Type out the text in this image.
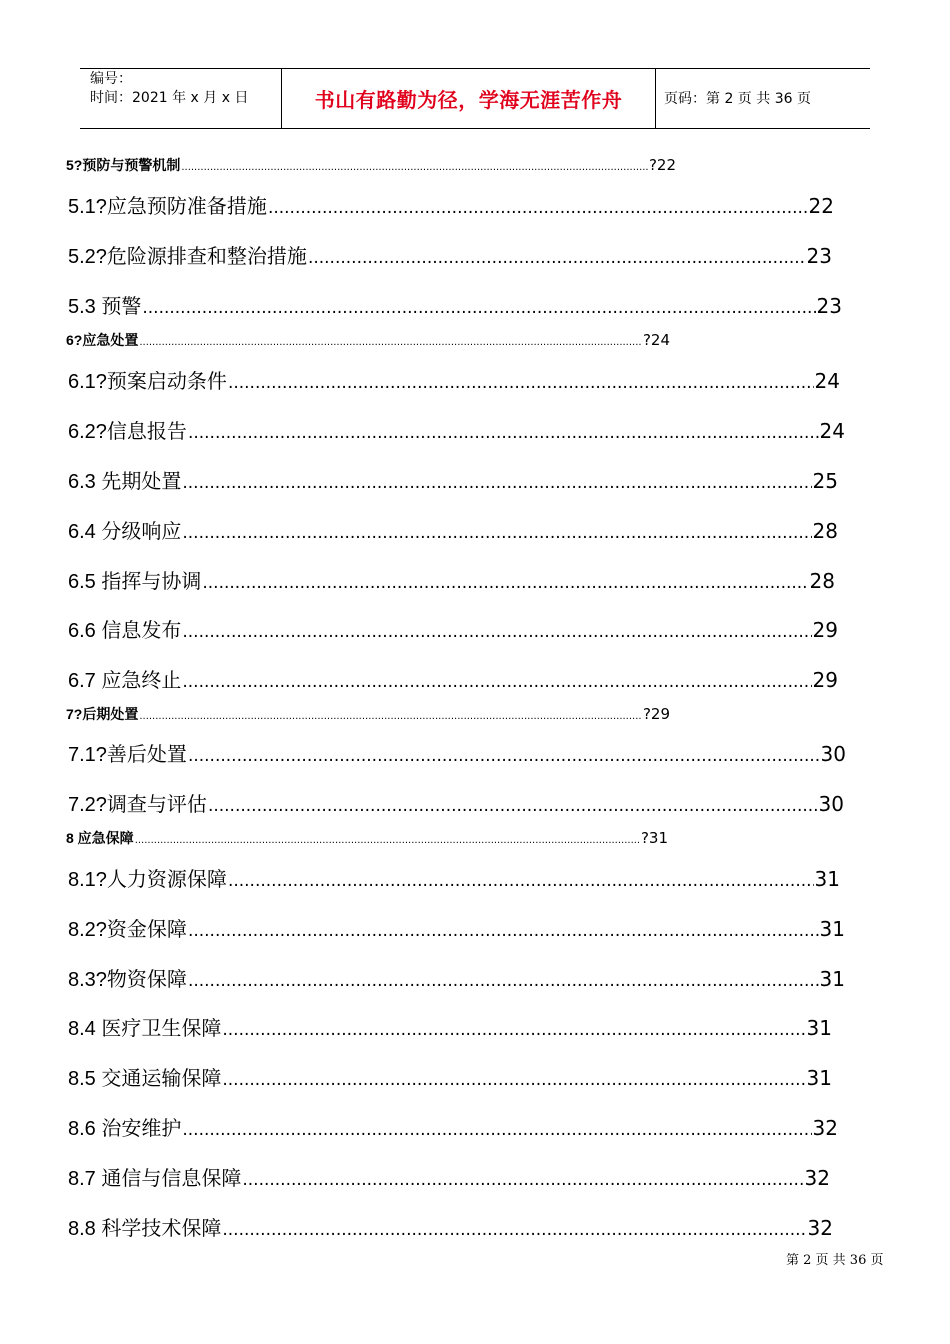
编号：
时间：2021 年 x 月 x 日	书山有路勤为径，学海无涯苦作舟	页码：第 2 页 共 36 页
5?预防与预警机制 .....	?22
5.1?应急预防准备措施 .....	22
5.2?危险源排查和整治措施 .....	23
5.3 预警 .....	23
6?应急处置 .....	?24
6.1?预案启动条件 .....	24
6.2?信息报告 .....	24
6.3 先期处置 .....	25
6.4 分级响应 .....	28
6.5 指挥与协调 .....	28
6.6 信息发布 .....	29
6.7 应急终止 .....	29
7?后期处置 .....	?29
7.1?善后处置 .....	30
7.2?调查与评估 .....	30
8 应急保障 .....	?31
8.1?人力资源保障 .....	31
8.2?资金保障 .....	31
8.3?物资保障 .....	31
8.4 医疗卫生保障 .....	31
8.5 交通运输保障 .....	31
8.6 治安维护 .....	32
8.7 通信与信息保障 .....	32
8.8 科学技术保障 .....	32
第 2 页 共 36 页
